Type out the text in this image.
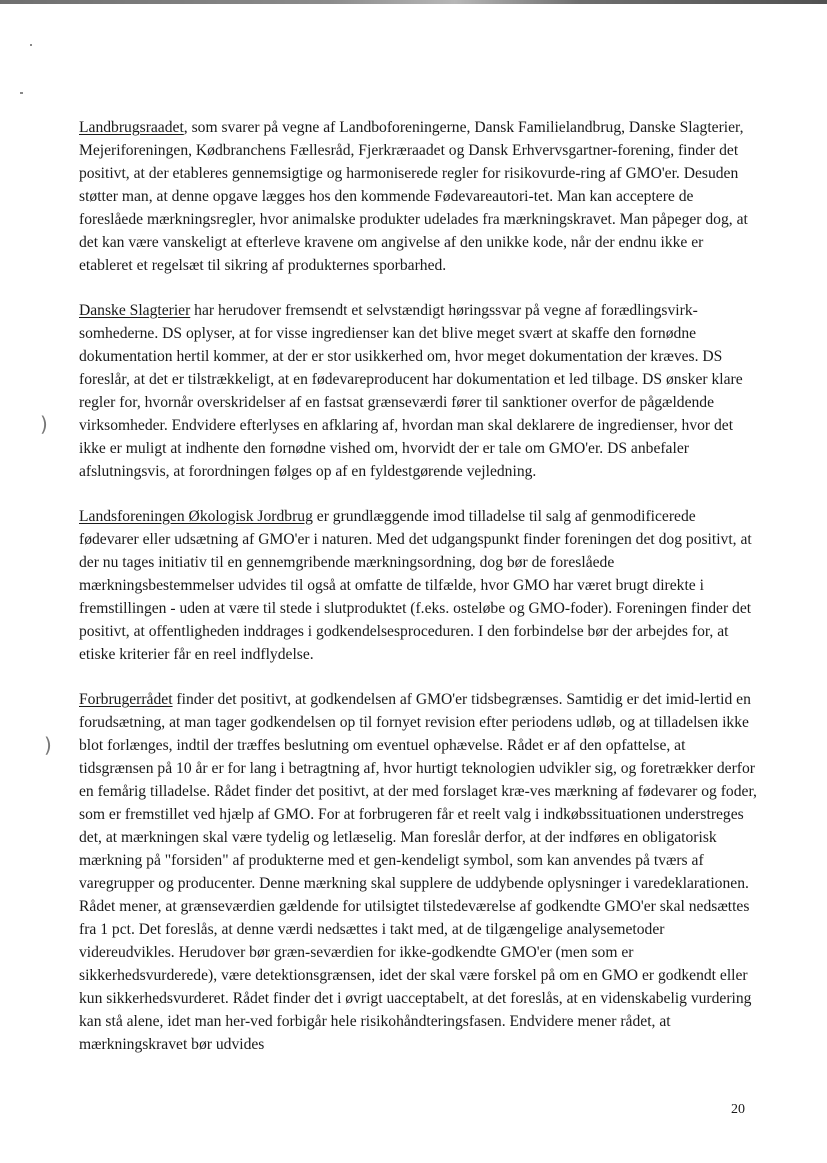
)
)

Landbrugsraadet, som svarer på vegne af Landboforeningerne, Dansk Familielandbrug, Danske Slagterier, Mejeriforeningen, Kødbranchens Fællesråd, Fjerkræraadet og Dansk Erhvervsgartner-forening, finder det positivt, at der etableres gennemsigtige og harmoniserede regler for risikovurde-ring af GMO'er. Desuden støtter man, at denne opgave lægges hos den kommende Fødevareautori-tet. Man kan acceptere de foreslåede mærkningsregler, hvor animalske produkter udelades fra mærkningskravet. Man påpeger dog, at det kan være vanskeligt at efterleve kravene om angivelse af den unikke kode, når der endnu ikke er etableret et regelsæt til sikring af produkternes sporbarhed.

Danske Slagterier har herudover fremsendt et selvstændigt høringssvar på vegne af forædlingsvirk-somhederne. DS oplyser, at for visse ingredienser kan det blive meget svært at skaffe den fornødne dokumentation hertil kommer, at der er stor usikkerhed om, hvor meget dokumentation der kræves. DS foreslår, at det er tilstrækkeligt, at en fødevareproducent har dokumentation et led tilbage. DS ønsker klare regler for, hvornår overskridelser af en fastsat grænseværdi fører til sanktioner overfor de pågældende virksomheder. Endvidere efterlyses en afklaring af, hvordan man skal deklarere de ingredienser, hvor det ikke er muligt at indhente den fornødne vished om, hvorvidt der er tale om GMO'er. DS anbefaler afslutningsvis, at forordningen følges op af en fyldestgørende vejledning.

Landsforeningen Økologisk Jordbrug er grundlæggende imod tilladelse til salg af genmodificerede fødevarer eller udsætning af GMO'er i naturen. Med det udgangspunkt finder foreningen det dog positivt, at der nu tages initiativ til en gennemgribende mærkningsordning, dog bør de foreslåede mærkningsbestemmelser udvides til også at omfatte de tilfælde, hvor GMO har været brugt direkte i fremstillingen - uden at være til stede i slutproduktet (f.eks. osteløbe og GMO-foder). Foreningen finder det positivt, at offentligheden inddrages i godkendelsesproceduren. I den forbindelse bør der arbejdes for, at etiske kriterier får en reel indflydelse.

Forbrugerrådet finder det positivt, at godkendelsen af GMO'er tidsbegrænses. Samtidig er det imid-lertid en forudsætning, at man tager godkendelsen op til fornyet revision efter periodens udløb, og at tilladelsen ikke blot forlænges, indtil der træffes beslutning om eventuel ophævelse. Rådet er af den opfattelse, at tidsgrænsen på 10 år er for lang i betragtning af, hvor hurtigt teknologien udvikler sig, og foretrækker derfor en femårig tilladelse. Rådet finder det positivt, at der med forslaget kræ-ves mærkning af fødevarer og foder, som er fremstillet ved hjælp af GMO. For at forbrugeren får et reelt valg i indkøbssituationen understreges det, at mærkningen skal være tydelig og letlæselig. Man foreslår derfor, at der indføres en obligatorisk mærkning på "forsiden" af produkterne med et gen-kendeligt symbol, som kan anvendes på tværs af varegrupper og producenter. Denne mærkning skal supplere de uddybende oplysninger i varedeklarationen. Rådet mener, at grænseværdien gældende for utilsigtet tilstedeværelse af godkendte GMO'er skal nedsættes fra 1 pct. Det foreslås, at denne værdi nedsættes i takt med, at de tilgængelige analysemetoder videreudvikles. Herudover bør græn-seværdien for ikke-godkendte GMO'er (men som er sikkerhedsvurderede), være detektionsgrænsen, idet der skal være forskel på om en GMO er godkendt eller kun sikkerhedsvurderet. Rådet finder det i øvrigt uacceptabelt, at det foreslås, at en videnskabelig vurdering kan stå alene, idet man her-ved forbigår hele risikohåndteringsfasen. Endvidere mener rådet, at mærkningskravet bør udvides

20
